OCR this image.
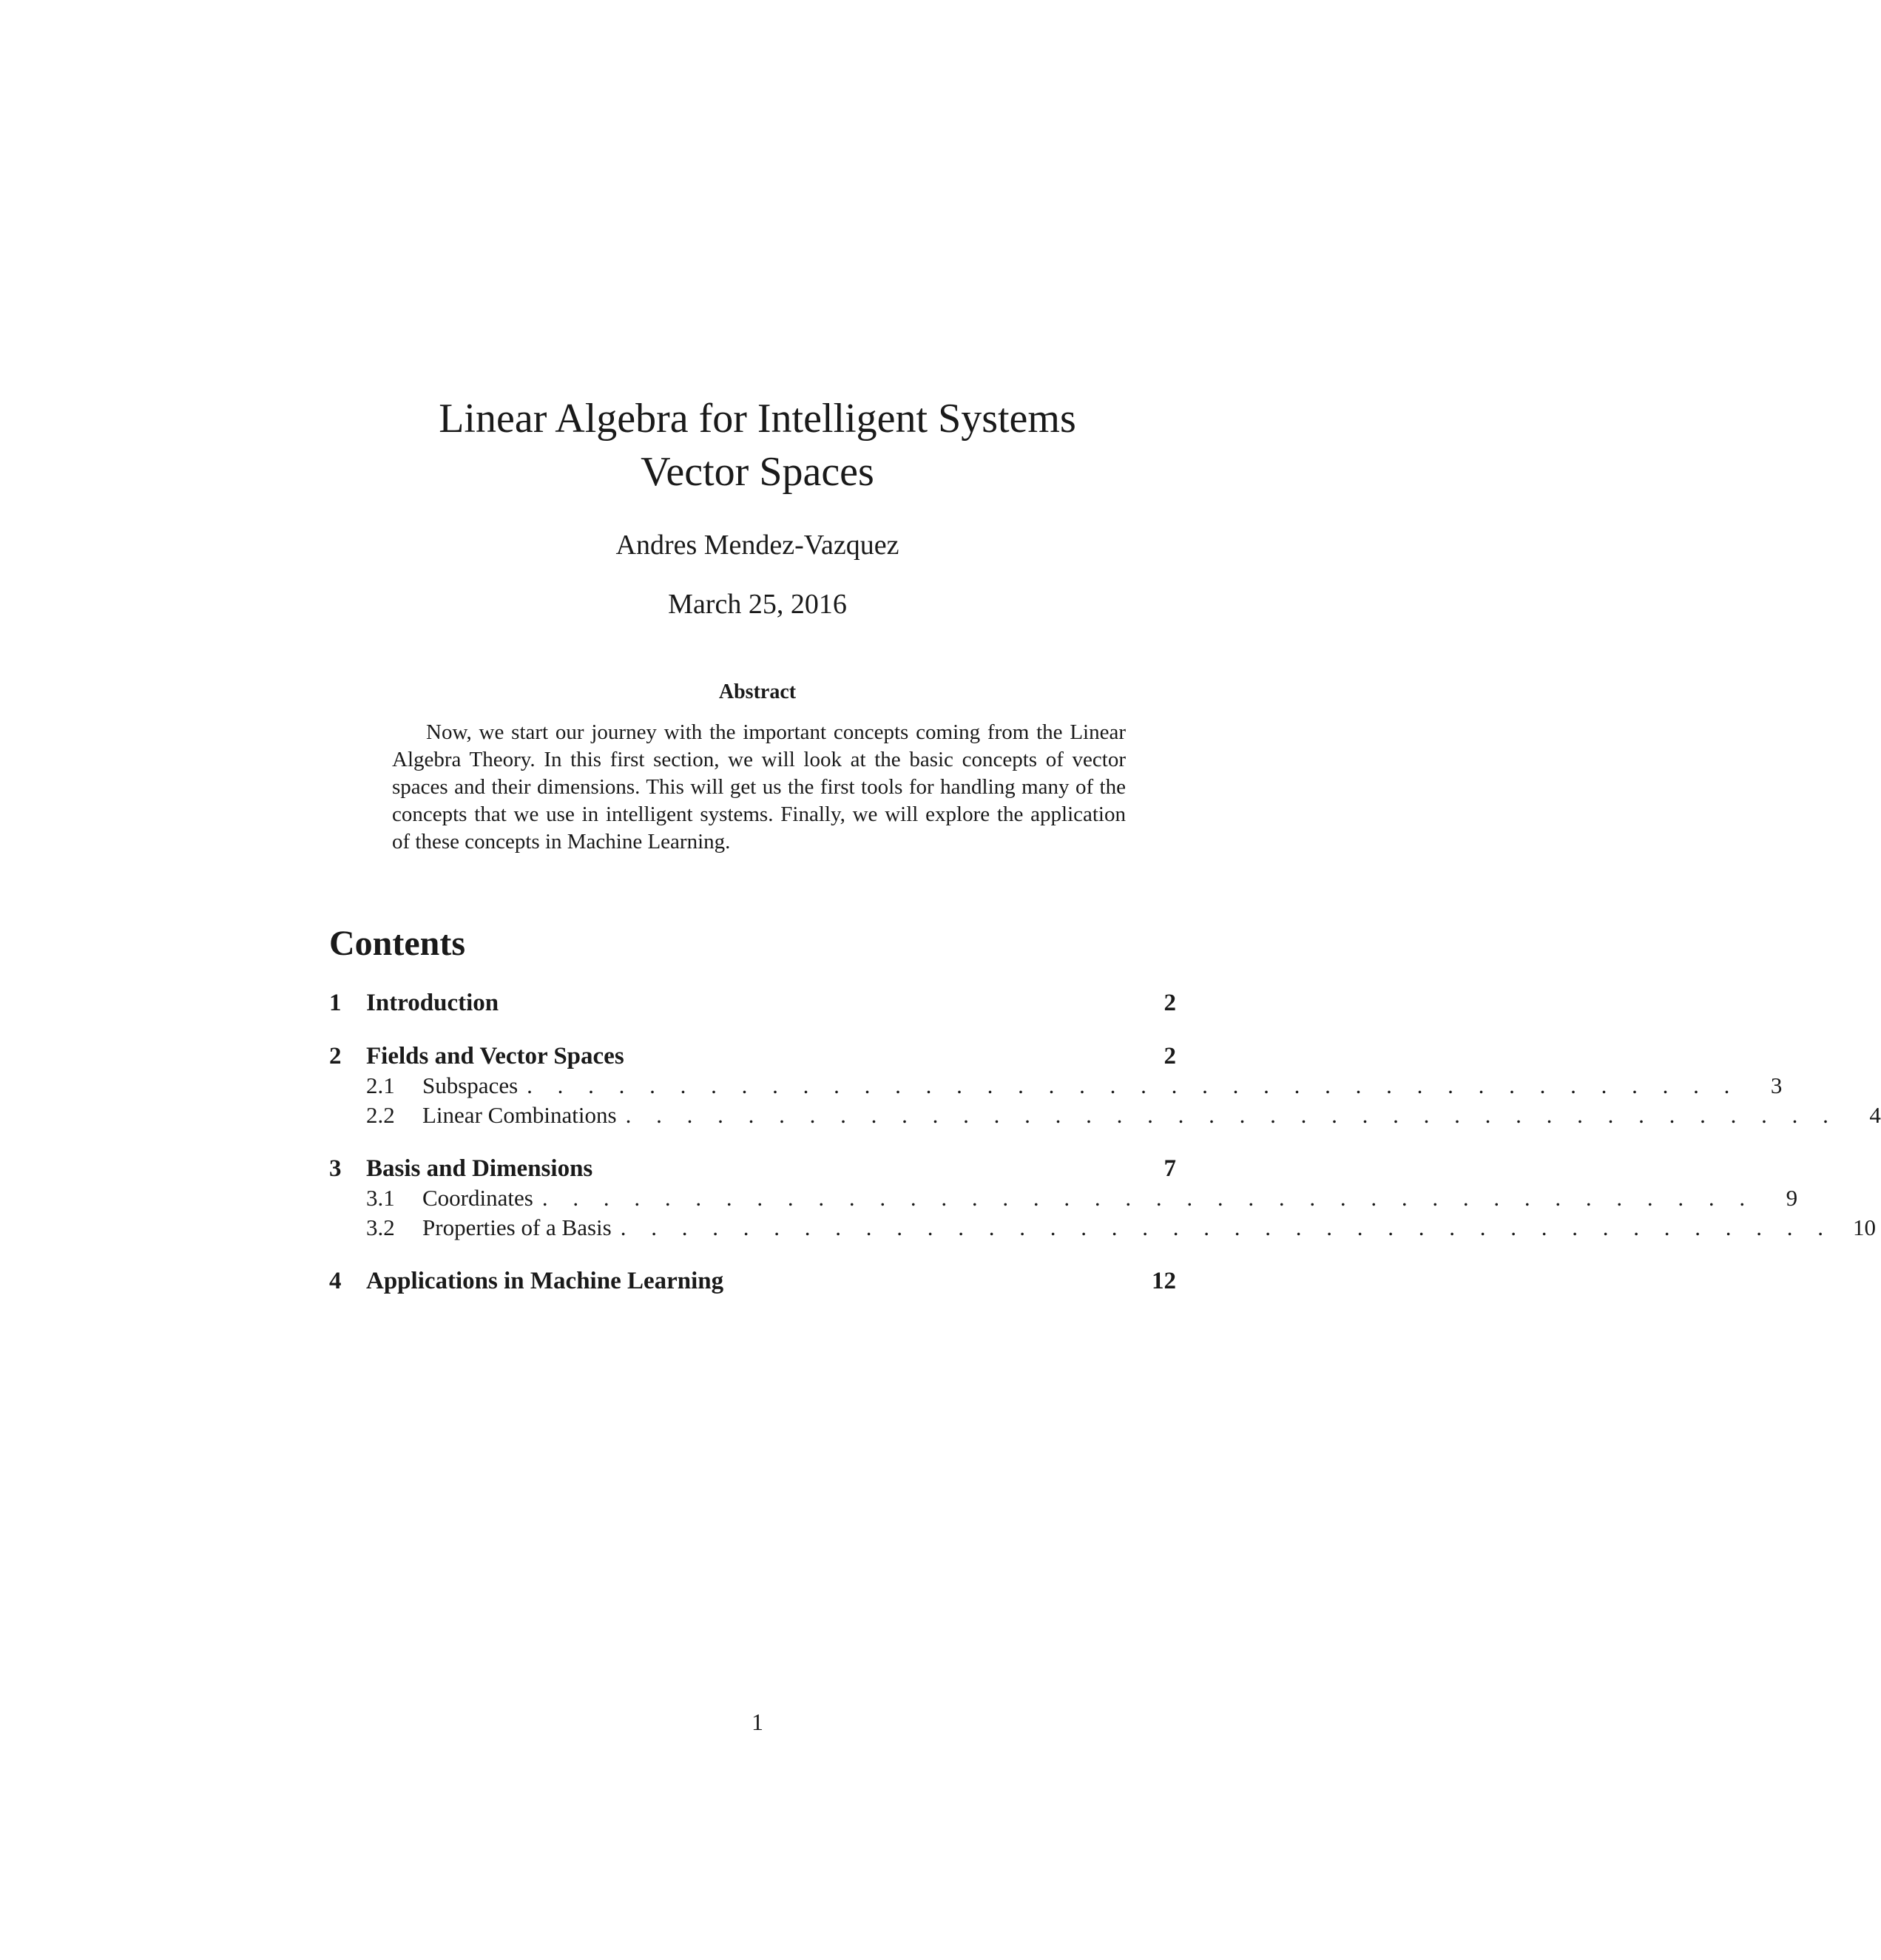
Linear Algebra for Intelligent Systems
Vector Spaces
Andres Mendez-Vazquez
March 25, 2016
Abstract
Now, we start our journey with the important concepts coming from the Linear Algebra Theory. In this first section, we will look at the basic concepts of vector spaces and their dimensions. This will get us the first tools for handling many of the concepts that we use in intelligent systems. Finally, we will explore the application of these concepts in Machine Learning.
Contents
1	Introduction	2
2	Fields and Vector Spaces	2
2.1	Subspaces . . . . . . . . . . . . . . . . . . . . . . . . . . . . . . . . . . . . . . . .	3
2.2	Linear Combinations . . . . . . . . . . . . . . . . . . . . . . . . . . . . . . . . . . . . . . . .	4
3	Basis and Dimensions	7
3.1	Coordinates . . . . . . . . . . . . . . . . . . . . . . . . . . . . . . . . . . . . . . . .	9
3.2	Properties of a Basis . . . . . . . . . . . . . . . . . . . . . . . . . . . . . . . . . . . . . . . . 10
4	Applications in Machine Learning	12
1
